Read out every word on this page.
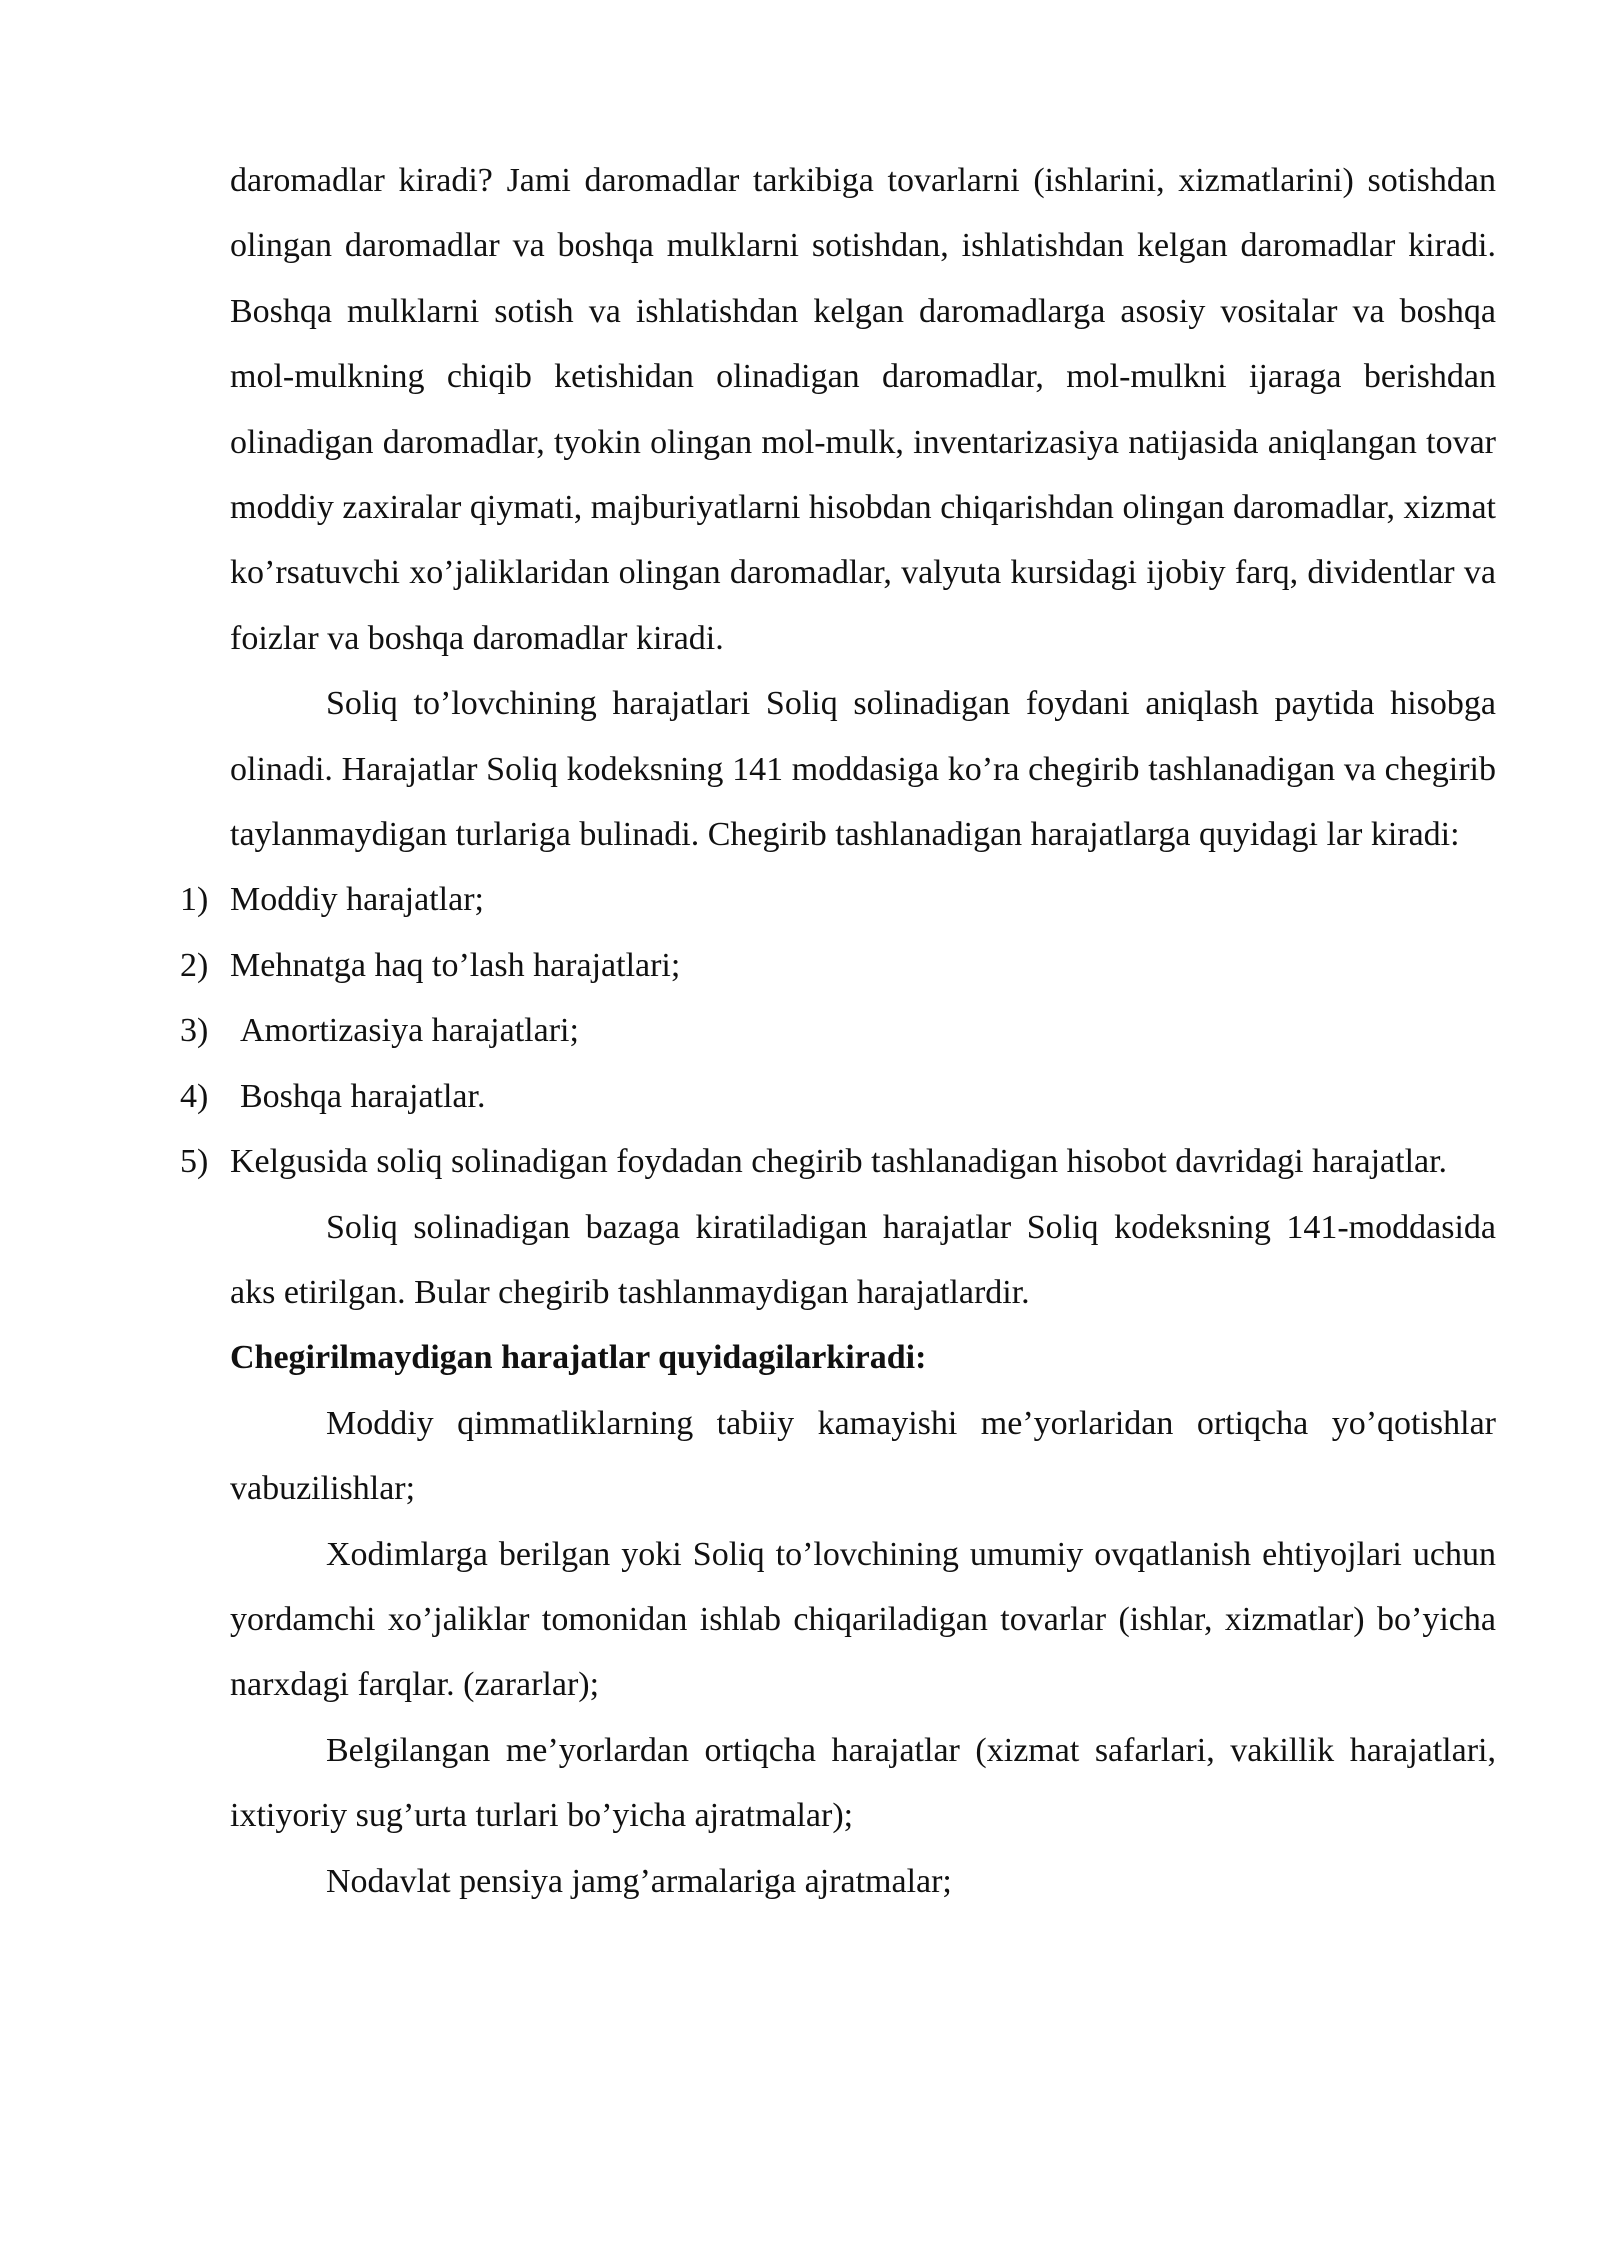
daromadlar kiradi? Jami daromadlar tarkibiga tovarlarni (ishlarini, xizmatlarini) sotishdan olingan daromadlar va boshqa mulklarni sotishdan, ishlatishdan kelgan daromadlar kiradi. Boshqa mulklarni sotish va ishlatishdan kelgan daromadlarga asosiy vositalar va boshqa mol-mulkning chiqib ketishidan olinadigan daromadlar, mol-mulkni ijaraga berishdan olinadigan daromadlar, tyokin olingan mol-mulk, inventarizasiya natijasida aniqlangan tovar moddiy zaxiralar qiymati, majburiyatlarni hisobdan chiqarishdan olingan daromadlar, xizmat ko’rsatuvchi xo’jaliklaridan olingan daromadlar, valyuta kursidagi ijobiy farq, dividentlar va foizlar va boshqa daromadlar kiradi.

Soliq to’lovchining harajatlari Soliq solinadigan foydani aniqlash paytida hisobga olinadi. Harajatlar Soliq kodeksning 141 moddasiga ko’ra chegirib tashlanadigan va chegirib taylanmaydigan turlariga bulinadi. Chegirib tashlanadigan harajatlarga quyidagi lar kiradi:

1) Moddiy harajatlar;
2) Mehnatga haq to’lash harajatlari;
3) Amortizasiya harajatlari;
4) Boshqa harajatlar.
5) Kelgusida soliq solinadigan foydadan chegirib tashlanadigan hisobot davridagi harajatlar.

Soliq solinadigan bazaga kiratiladigan harajatlar Soliq kodeksning 141-moddasida aks etirilgan. Bular chegirib tashlanmaydigan harajatlardir.

Chegirilmaydigan harajatlar quyidagilarkiradi:

Moddiy qimmatliklarning tabiiy kamayishi me’yorlaridan ortiqcha yo’qotishlar vabuzilishlar;

Xodimlarga berilgan yoki Soliq to’lovchining umumiy ovqatlanish ehtiyojlari uchun yordamchi xo’jaliklar tomonidan ishlab chiqariladigan tovarlar (ishlar, xizmatlar) bo’yicha narxdagi farqlar. (zararlar);

Belgilangan me’yorlardan ortiqcha harajatlar (xizmat safarlari, vakillik harajatlari, ixtiyoriy sug’urta turlari bo’yicha ajratmalar);

Nodavlat pensiya jamg’armalariga ajratmalar;
